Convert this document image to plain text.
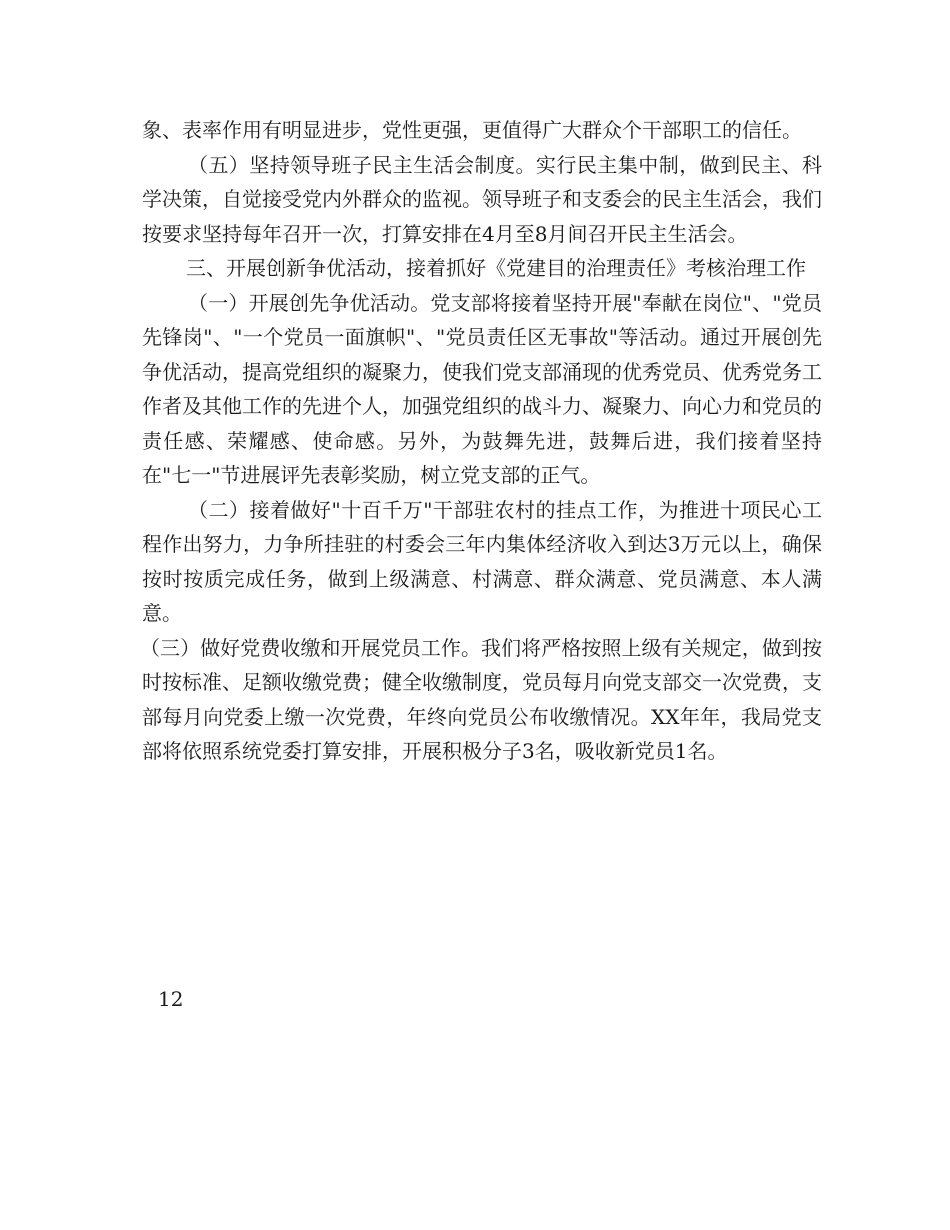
象、表率作用有明显进步，党性更强，更值得广大群众个干部职工的信任。

（五）坚持领导班子民主生活会制度。实行民主集中制，做到民主、科学决策，自觉接受党内外群众的监视。领导班子和支委会的民主生活会，我们按要求坚持每年召开一次，打算安排在4月至8月间召开民主生活会。

三、开展创新争优活动，接着抓好《党建目的治理责任》考核治理工作

（一）开展创先争优活动。党支部将接着坚持开展"奉献在岗位"、"党员先锋岗"、"一个党员一面旗帜"、"党员责任区无事故"等活动。通过开展创先争优活动，提高党组织的凝聚力，使我们党支部涌现的优秀党员、优秀党务工作者及其他工作的先进个人，加强党组织的战斗力、凝聚力、向心力和党员的责任感、荣耀感、使命感。另外，为鼓舞先进，鼓舞后进，我们接着坚持在"七一"节进展评先表彰奖励，树立党支部的正气。

（二）接着做好"十百千万"干部驻农村的挂点工作，为推进十项民心工程作出努力，力争所挂驻的村委会三年内集体经济收入到达3万元以上，确保按时按质完成任务，做到上级满意、村满意、群众满意、党员满意、本人满意。

（三）做好党费收缴和开展党员工作。我们将严格按照上级有关规定，做到按时按标准、足额收缴党费；健全收缴制度，党员每月向党支部交一次党费，支部每月向党委上缴一次党费，年终向党员公布收缴情况。XX年年，我局党支部将依照系统党委打算安排，开展积极分子3名，吸收新党员1名。

12
